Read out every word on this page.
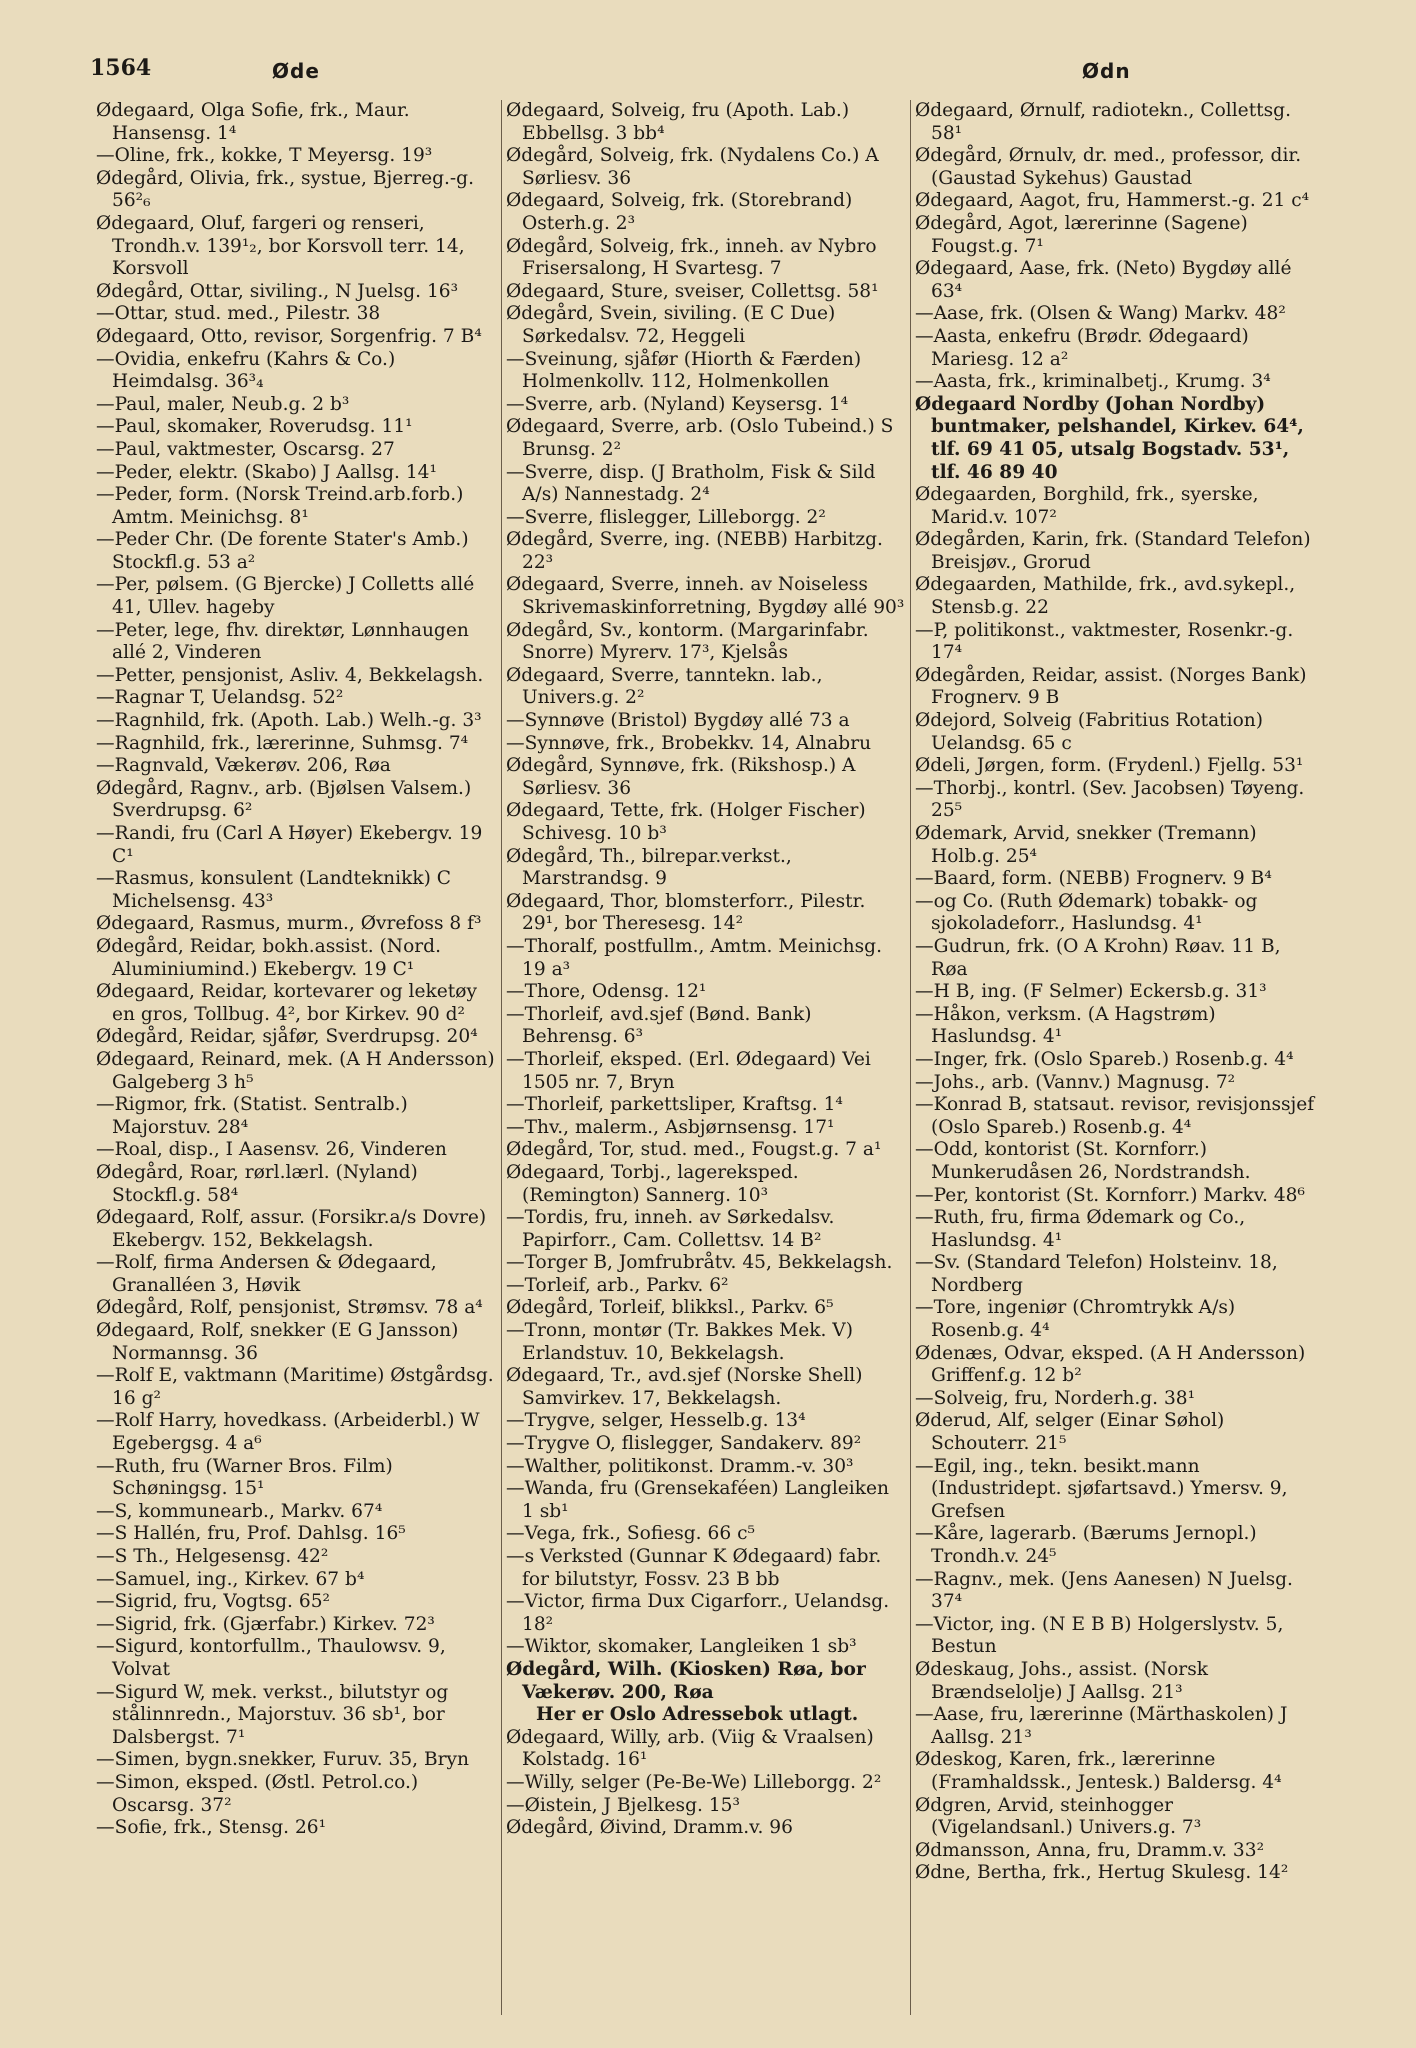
1564	Øde	Ødn

Ødegaard, Olga Sofie, frk., Maur. Hansensg. 1⁴

—Oline, frk., kokke, T Meyersg. 19³

Ødegård, Olivia, frk., systue, Bjerreg.-g. 56²₆

Ødegaard, Oluf, fargeri og renseri, Trondh.v. 139¹₂, bor Korsvoll terr. 14, Korsvoll

Ødegård, Ottar, siviling., N Juelsg. 16³

—Ottar, stud. med., Pilestr. 38

Ødegaard, Otto, revisor, Sorgenfrig. 7 B⁴

—Ovidia, enkefru (Kahrs & Co.) Heimdalsg. 36³₄

—Paul, maler, Neub.g. 2 b³

—Paul, skomaker, Roverudsg. 11¹

—Paul, vaktmester, Oscarsg. 27

—Peder, elektr. (Skabo) J Aallsg. 14¹

—Peder, form. (Norsk Treind.arb.forb.) Amtm. Meinichsg. 8¹

—Peder Chr. (De forente Stater's Amb.) Stockfl.g. 53 a²

—Per, pølsem. (G Bjercke) J Colletts allé 41, Ullev. hageby

—Peter, lege, fhv. direktør, Lønnhaugen allé 2, Vinderen

—Petter, pensjonist, Asliv. 4, Bekkelagsh.

—Ragnar T, Uelandsg. 52²

—Ragnhild, frk. (Apoth. Lab.) Welh.-g. 3³

—Ragnhild, frk., lærerinne, Suhmsg. 7⁴

—Ragnvald, Vækerøv. 206, Røa

Ødegård, Ragnv., arb. (Bjølsen Valsem.) Sverdrupsg. 6²

—Randi, fru (Carl A Høyer) Ekebergv. 19 C¹

—Rasmus, konsulent (Landteknikk) C Michelsensg. 43³

Ødegaard, Rasmus, murm., Øvrefoss 8 f³

Ødegård, Reidar, bokh.assist. (Nord. Aluminiumind.) Ekebergv. 19 C¹

Ødegaard, Reidar, kortevarer og leketøy en gros, Tollbug. 4², bor Kirkev. 90 d²

Ødegård, Reidar, sjåfør, Sverdrupsg. 20⁴

Ødegaard, Reinard, mek. (A H Andersson) Galgeberg 3 h⁵

—Rigmor, frk. (Statist. Sentralb.) Majorstuv. 28⁴

—Roal, disp., I Aasensv. 26, Vinderen

Ødegård, Roar, rørl.lærl. (Nyland) Stockfl.g. 58⁴

Ødegaard, Rolf, assur. (Forsikr.a/s Dovre) Ekebergv. 152, Bekkelagsh.

—Rolf, firma Andersen & Ødegaard, Granalléen 3, Høvik

Ødegård, Rolf, pensjonist, Strømsv. 78 a⁴

Ødegaard, Rolf, snekker (E G Jansson) Normannsg. 36

—Rolf E, vaktmann (Maritime) Østgårdsg. 16 g²

—Rolf Harry, hovedkass. (Arbeiderbl.) W Egebergsg. 4 a⁶

—Ruth, fru (Warner Bros. Film) Schøningsg. 15¹

—S, kommunearb., Markv. 67⁴

—S Hallén, fru, Prof. Dahlsg. 16⁵

—S Th., Helgesensg. 42²

—Samuel, ing., Kirkev. 67 b⁴

—Sigrid, fru, Vogtsg. 65²

—Sigrid, frk. (Gjærfabr.) Kirkev. 72³

—Sigurd, kontorfullm., Thaulowsv. 9, Volvat

—Sigurd W, mek. verkst., bilutstyr og stålinnredn., Majorstuv. 36 sb¹, bor Dalsbergst. 7¹

—Simen, bygn.snekker, Furuv. 35, Bryn

—Simon, eksped. (Østl. Petrol.co.) Oscarsg. 37²

—Sofie, frk., Stensg. 26¹

Ødegaard, Solveig, fru (Apoth. Lab.) Ebbellsg. 3 bb⁴

Ødegård, Solveig, frk. (Nydalens Co.) A Sørliesv. 36

Ødegaard, Solveig, frk. (Storebrand) Osterh.g. 2³

Ødegård, Solveig, frk., inneh. av Nybro Frisersalong, H Svartesg. 7

Ødegaard, Sture, sveiser, Collettsg. 58¹

Ødegård, Svein, siviling. (E C Due) Sørkedalsv. 72, Heggeli

—Sveinung, sjåfør (Hiorth & Færden) Holmenkollv. 112, Holmenkollen

—Sverre, arb. (Nyland) Keysersg. 1⁴

Ødegaard, Sverre, arb. (Oslo Tubeind.) S Brunsg. 2²

—Sverre, disp. (J Bratholm, Fisk & Sild A/s) Nannestadg. 2⁴

—Sverre, flislegger, Lilleborgg. 2²

Ødegård, Sverre, ing. (NEBB) Harbitzg. 22³

Ødegaard, Sverre, inneh. av Noiseless Skrivemaskinforretning, Bygdøy allé 90³

Ødegård, Sv., kontorm. (Margarinfabr. Snorre) Myrerv. 17³, Kjelsås

Ødegaard, Sverre, tanntekn. lab., Univers.g. 2²

—Synnøve (Bristol) Bygdøy allé 73 a

—Synnøve, frk., Brobekkv. 14, Alnabru

Ødegård, Synnøve, frk. (Rikshosp.) A Sørliesv. 36

Ødegaard, Tette, frk. (Holger Fischer) Schivesg. 10 b³

Ødegård, Th., bilrepar.verkst., Marstrandsg. 9

Ødegaard, Thor, blomsterforr., Pilestr. 29¹, bor Theresesg. 14²

—Thoralf, postfullm., Amtm. Meinichsg. 19 a³

—Thore, Odensg. 12¹

—Thorleif, avd.sjef (Bønd. Bank) Behrensg. 6³

—Thorleif, eksped. (Erl. Ødegaard) Vei 1505 nr. 7, Bryn

—Thorleif, parkettsliper, Kraftsg. 1⁴

—Thv., malerm., Asbjørnsensg. 17¹

Ødegård, Tor, stud. med., Fougst.g. 7 a¹

Ødegaard, Torbj., lagereksped. (Remington) Sannerg. 10³

—Tordis, fru, inneh. av Sørkedalsv. Papirforr., Cam. Collettsv. 14 B²

—Torger B, Jomfrubråtv. 45, Bekkelagsh.

—Torleif, arb., Parkv. 6²

Ødegård, Torleif, blikksl., Parkv. 6⁵

—Tronn, montør (Tr. Bakkes Mek. V) Erlandstuv. 10, Bekkelagsh.

Ødegaard, Tr., avd.sjef (Norske Shell) Samvirkev. 17, Bekkelagsh.

—Trygve, selger, Hesselb.g. 13⁴

—Trygve O, flislegger, Sandakerv. 89²

—Walther, politikonst. Dramm.-v. 30³

—Wanda, fru (Grensekaféen) Langleiken 1 sb¹

—Vega, frk., Sofiesg. 66 c⁵

—s Verksted (Gunnar K Ødegaard) fabr. for bilutstyr, Fossv. 23 B bb

—Victor, firma Dux Cigarforr., Uelandsg. 18²

—Wiktor, skomaker, Langleiken 1 sb³

Ødegård, Wilh. (Kiosken) Røa, bor Vækerøv. 200, Røa

Her er Oslo Adressebok utlagt.

Ødegaard, Willy, arb. (Viig & Vraalsen) Kolstadg. 16¹

—Willy, selger (Pe-Be-We) Lilleborgg. 2²

—Øistein, J Bjelkesg. 15³

Ødegård, Øivind, Dramm.v. 96

Ødegaard, Ørnulf, radiotekn., Collettsg. 58¹

Ødegård, Ørnulv, dr. med., professor, dir. (Gaustad Sykehus) Gaustad

Ødegaard, Aagot, fru, Hammerst.-g. 21 c⁴

Ødegård, Agot, lærerinne (Sagene) Fougst.g. 7¹

Ødegaard, Aase, frk. (Neto) Bygdøy allé 63⁴

—Aase, frk. (Olsen & Wang) Markv. 48²

—Aasta, enkefru (Brødr. Ødegaard) Mariesg. 12 a²

—Aasta, frk., kriminalbetj., Krumg. 3⁴

Ødegaard Nordby (Johan Nordby) buntmaker, pelshandel, Kirkev. 64⁴, tlf. 69 41 05, utsalg Bogstadv. 53¹, tlf. 46 89 40

Ødegaarden, Borghild, frk., syerske, Marid.v. 107²

Ødegården, Karin, frk. (Standard Telefon) Breisjøv., Grorud

Ødegaarden, Mathilde, frk., avd.sykepl., Stensb.g. 22

—P, politikonst., vaktmester, Rosenkr.-g. 17⁴

Ødegården, Reidar, assist. (Norges Bank) Frognerv. 9 B

Ødejord, Solveig (Fabritius Rotation) Uelandsg. 65 c

Ødeli, Jørgen, form. (Frydenl.) Fjellg. 53¹

—Thorbj., kontrl. (Sev. Jacobsen) Tøyeng. 25⁵

Ødemark, Arvid, snekker (Tremann) Holb.g. 25⁴

—Baard, form. (NEBB) Frognerv. 9 B⁴

—og Co. (Ruth Ødemark) tobakk- og sjokoladeforr., Haslundsg. 4¹

—Gudrun, frk. (O A Krohn) Røav. 11 B, Røa

—H B, ing. (F Selmer) Eckersb.g. 31³

—Håkon, verksm. (A Hagstrøm) Haslundsg. 4¹

—Inger, frk. (Oslo Spareb.) Rosenb.g. 4⁴

—Johs., arb. (Vannv.) Magnusg. 7²

—Konrad B, statsaut. revisor, revisjonssjef (Oslo Spareb.) Rosenb.g. 4⁴

—Odd, kontorist (St. Kornforr.) Munkerudåsen 26, Nordstrandsh.

—Per, kontorist (St. Kornforr.) Markv. 48⁶

—Ruth, fru, firma Ødemark og Co., Haslundsg. 4¹

—Sv. (Standard Telefon) Holsteinv. 18, Nordberg

—Tore, ingeniør (Chromtrykk A/s) Rosenb.g. 4⁴

Ødenæs, Odvar, eksped. (A H Andersson) Griffenf.g. 12 b²

—Solveig, fru, Norderh.g. 38¹

Øderud, Alf, selger (Einar Søhol) Schouterr. 21⁵

—Egil, ing., tekn. besikt.mann (Industridept. sjøfartsavd.) Ymersv. 9, Grefsen

—Kåre, lagerarb. (Bærums Jernopl.) Trondh.v. 24⁵

—Ragnv., mek. (Jens Aanesen) N Juelsg. 37⁴

—Victor, ing. (N E B B) Holgerslystv. 5, Bestun

Ødeskaug, Johs., assist. (Norsk Brændselolje) J Aallsg. 21³

—Aase, fru, lærerinne (Märthaskolen) J Aallsg. 21³

Ødeskog, Karen, frk., lærerinne (Framhaldssk., Jentesk.) Baldersg. 4⁴

Ødgren, Arvid, steinhogger (Vigelandsanl.) Univers.g. 7³

Ødmansson, Anna, fru, Dramm.v. 33²

Ødne, Bertha, frk., Hertug Skulesg. 14²
